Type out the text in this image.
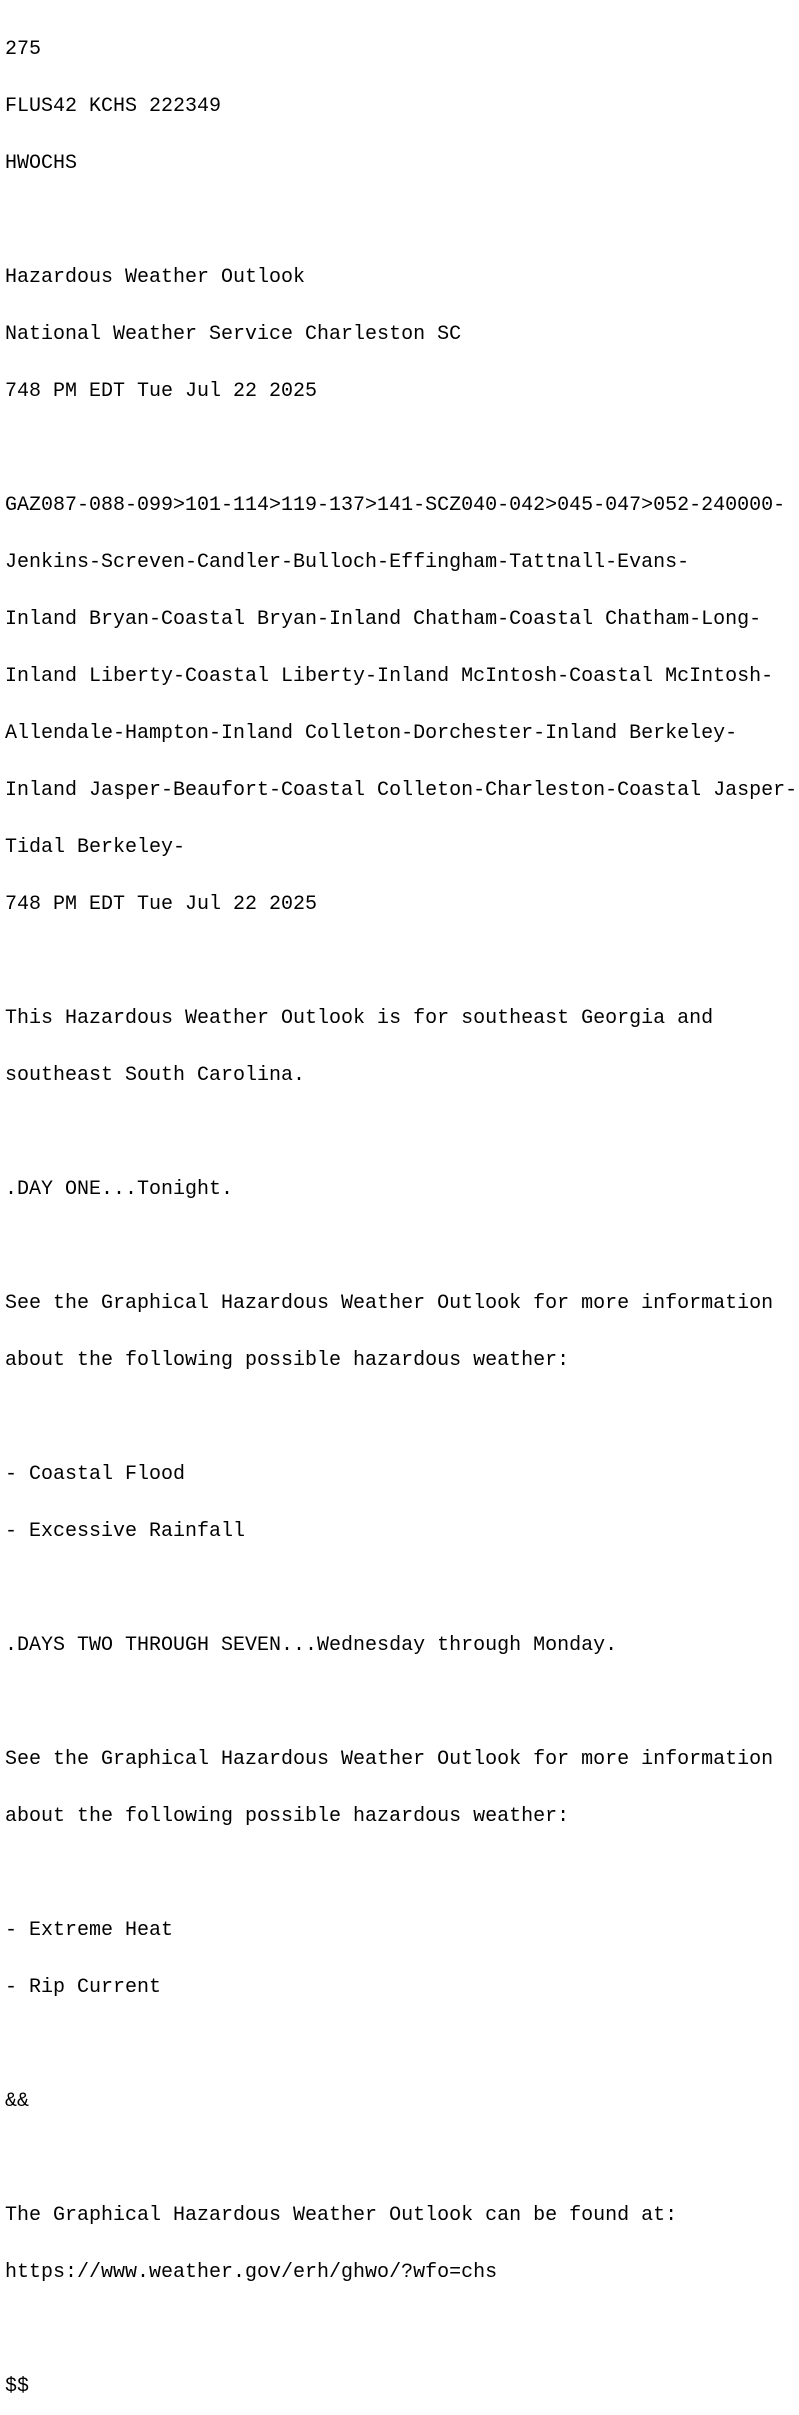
275

FLUS42 KCHS 222349

HWOCHS

Hazardous Weather Outlook

National Weather Service Charleston SC

748 PM EDT Tue Jul 22 2025

GAZ087-088-099>101-114>119-137>141-SCZ040-042>045-047>052-240000-

Jenkins-Screven-Candler-Bulloch-Effingham-Tattnall-Evans-

Inland Bryan-Coastal Bryan-Inland Chatham-Coastal Chatham-Long-

Inland Liberty-Coastal Liberty-Inland McIntosh-Coastal McIntosh-

Allendale-Hampton-Inland Colleton-Dorchester-Inland Berkeley-

Inland Jasper-Beaufort-Coastal Colleton-Charleston-Coastal Jasper-

Tidal Berkeley-

748 PM EDT Tue Jul 22 2025

This Hazardous Weather Outlook is for southeast Georgia and

southeast South Carolina.

.DAY ONE...Tonight.

See the Graphical Hazardous Weather Outlook for more information

about the following possible hazardous weather:

- Coastal Flood

- Excessive Rainfall

.DAYS TWO THROUGH SEVEN...Wednesday through Monday.

See the Graphical Hazardous Weather Outlook for more information

about the following possible hazardous weather:

- Extreme Heat

- Rip Current

&&

The Graphical Hazardous Weather Outlook can be found at:

https://www.weather.gov/erh/ghwo/?wfo=chs

$$
